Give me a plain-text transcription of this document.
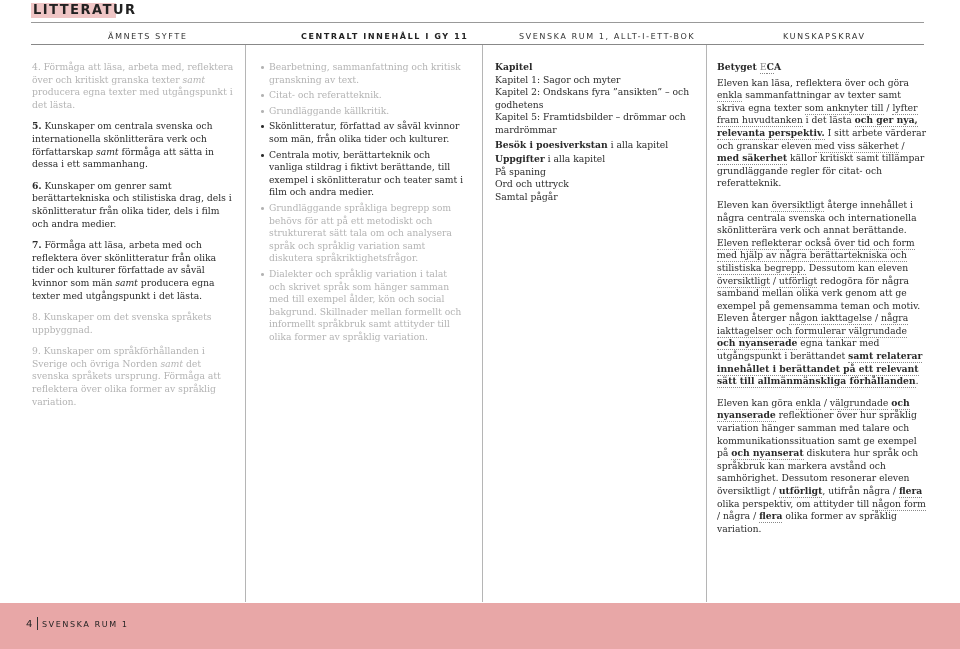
LITTERATUR
ÄMNETS SYFTE	CENTRALT INNEHÅLL I GY 11	SVENSKA RUM 1, ALLT-I-ETT-BOK	KUNSKAPSKRAV

4. Förmåga att läsa, arbeta med, reflektera över och kritiskt granska texter samt producera egna texter med utgångspunkt i det lästa.

5. Kunskaper om centrala svenska och internationella skönlitterära verk och författarskap samt förmåga att sätta in dessa i ett sammanhang.

6. Kunskaper om genrer samt berättartekniska och stilistiska drag, dels i skönlitteratur från olika tider, dels i film och andra medier.

7. Förmåga att läsa, arbeta med och reflektera över skönlitteratur från olika tider och kulturer författade av såväl kvinnor som män samt producera egna texter med utgångspunkt i det lästa.

8. Kunskaper om det svenska språkets uppbyggnad.

9. Kunskaper om språkförhållanden i Sverige och övriga Norden samt det svenska språkets ursprung. Förmåga att reflektera över olika former av språklig variation.

Bearbetning, sammanfattning och kritisk granskning av text.
Citat- och referatteknik.
Grundläggande källkritik.
Skönlitteratur, författad av såväl kvinnor som män, från olika tider och kulturer.
Centrala motiv, berättarteknik och vanliga stildrag i fiktivt berättande, till exempel i skönlitteratur och teater samt i film och andra medier.
Grundläggande språkliga begrepp som behövs för att på ett metodiskt och strukturerat sätt tala om och analysera språk och språklig variation samt diskutera språkriktighetsfrågor.
Dialekter och språklig variation i talat och skrivet språk som hänger samman med till exempel ålder, kön och social bakgrund. Skillnader mellan formellt och informellt språkbruk samt attityder till olika former av språklig variation.
Kapitel
Kapitel 1: Sagor och myter
Kapitel 2: Ondskans fyra ”ansikten” – och godhetens
Kapitel 5: Framtidsbilder – drömmar och mardrömmar
Besök i poesiverkstan i alla kapitel
Uppgifter i alla kapitel
På spaning
Ord och uttryck
Samtal pågår

Betyget ECA

Eleven kan läsa, reflektera över och göra enkla sammanfattningar av texter samt skriva egna texter som anknyter till / lyfter fram huvudtanken i det lästa och ger nya, relevanta perspektiv. I sitt arbete värderar och granskar eleven med viss säkerhet / med säkerhet källor kritiskt samt tillämpar grundläggande regler för citat- och referatteknik.

Eleven kan översiktligt återge innehållet i några centrala svenska och internationella skönlitterära verk och annat berättande. Eleven reflekterar också över tid och form med hjälp av några berättartekniska och stilistiska begrepp. Dessutom kan eleven översiktligt / utförligt redogöra för några samband mellan olika verk genom att ge exempel på gemensamma teman och motiv. Eleven återger någon iakttagelse / några iakttagelser och formulerar välgrundade och nyanserade egna tankar med utgångspunkt i berättandet samt relaterar innehållet i berättandet på ett relevant sätt till allmänmänskliga förhållanden.

Eleven kan göra enkla / välgrundade och nyanserade reflektioner över hur språklig variation hänger samman med talare och kommunikationssituation samt ge exempel på och nyanserat diskutera hur språk och språkbruk kan markera avstånd och samhörighet. Dessutom resonerar eleven översiktligt / utförligt, utifrån några / flera olika perspektiv, om attityder till någon form / några / flera olika former av språklig variation.

4 SVENSKA RUM 1
